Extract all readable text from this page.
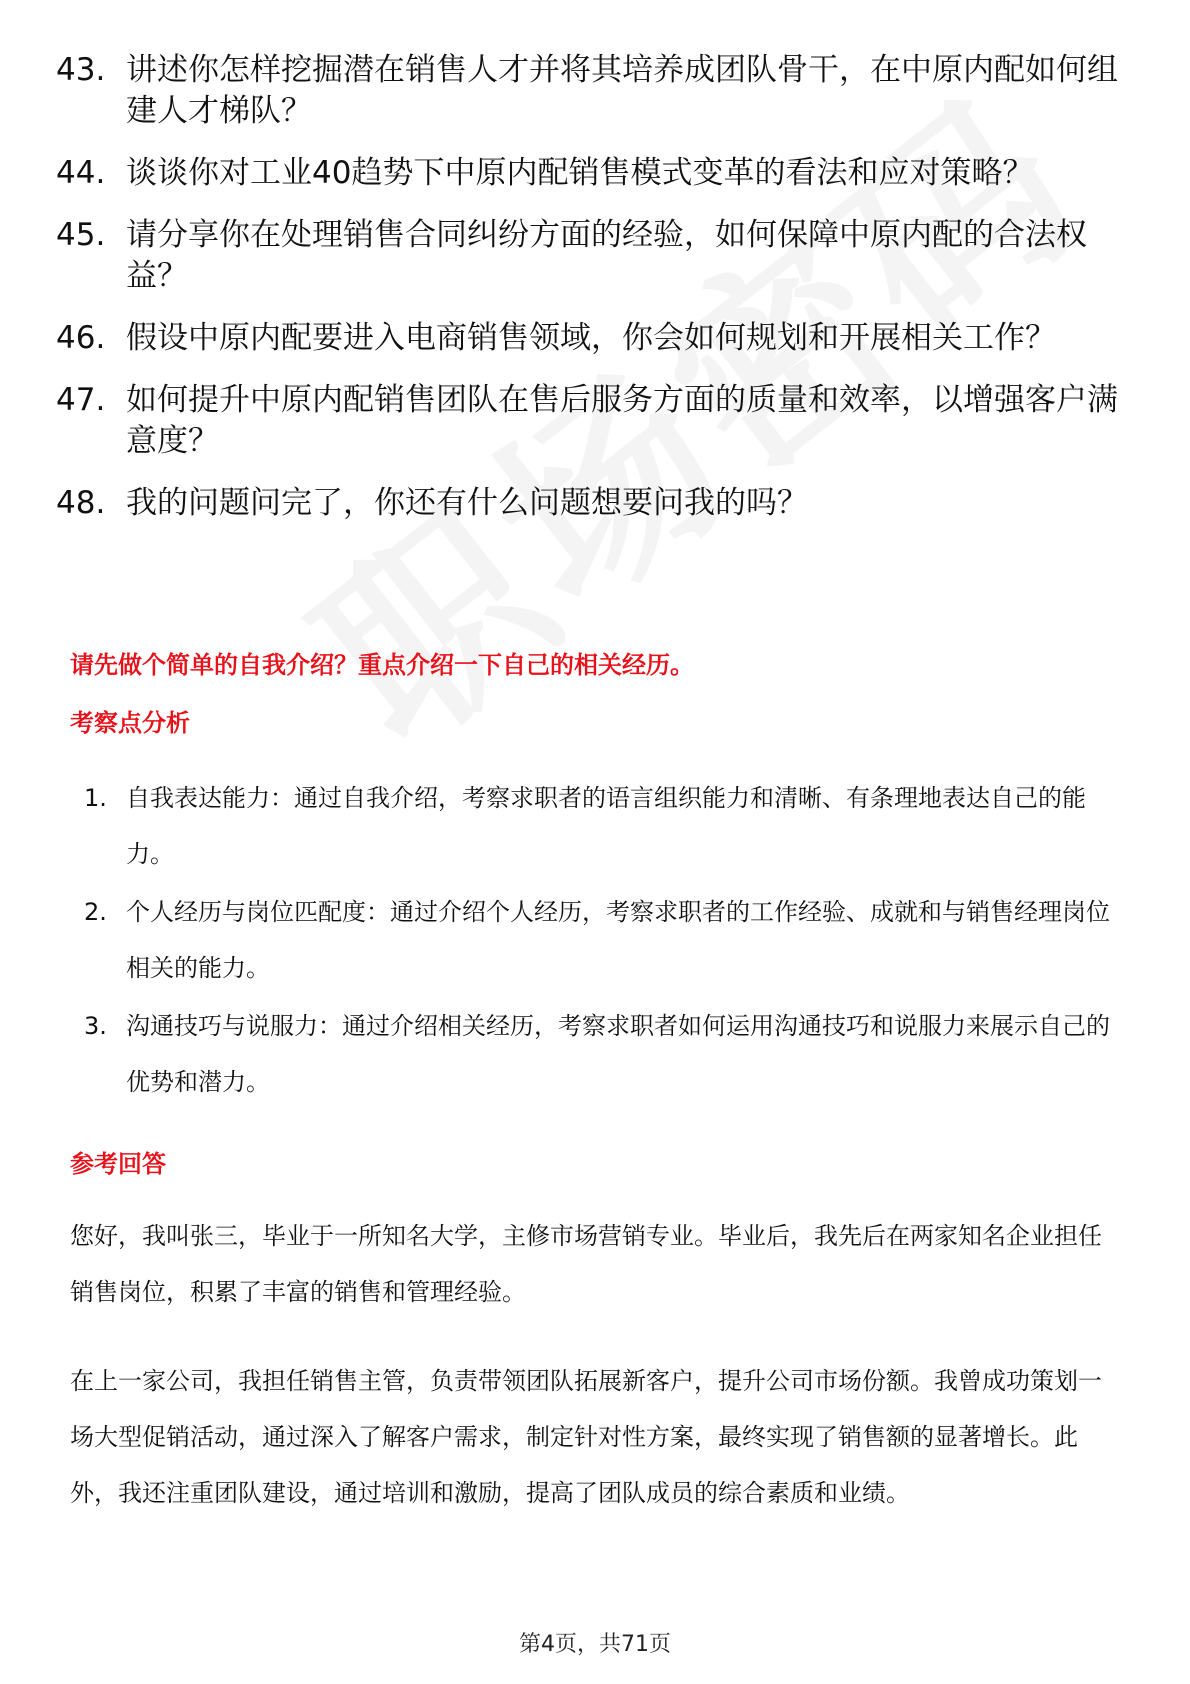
43. 讲述你怎样挖掘潜在销售人才并将其培养成团队骨干，在中原内配如何组建人才梯队？
44. 谈谈你对工业40趋势下中原内配销售模式变革的看法和应对策略？
45. 请分享你在处理销售合同纠纷方面的经验，如何保障中原内配的合法权益？
46. 假设中原内配要进入电商销售领域，你会如何规划和开展相关工作？
47. 如何提升中原内配销售团队在售后服务方面的质量和效率，以增强客户满意度？
48. 我的问题问完了，你还有什么问题想要问我的吗？
请先做个简单的自我介绍？重点介绍一下自己的相关经历。
考察点分析
1. 自我表达能力：通过自我介绍，考察求职者的语言组织能力和清晰、有条理地表达自己的能力。
2. 个人经历与岗位匹配度：通过介绍个人经历，考察求职者的工作经验、成就和与销售经理岗位相关的能力。
3. 沟通技巧与说服力：通过介绍相关经历，考察求职者如何运用沟通技巧和说服力来展示自己的优势和潜力。
参考回答
您好，我叫张三，毕业于一所知名大学，主修市场营销专业。毕业后，我先后在两家知名企业担任销售岗位，积累了丰富的销售和管理经验。
在上一家公司，我担任销售主管，负责带领团队拓展新客户，提升公司市场份额。我曾成功策划一场大型促销活动，通过深入了解客户需求，制定针对性方案，最终实现了销售额的显著增长。此外，我还注重团队建设，通过培训和激励，提高了团队成员的综合素质和业绩。
第4页，共71页
